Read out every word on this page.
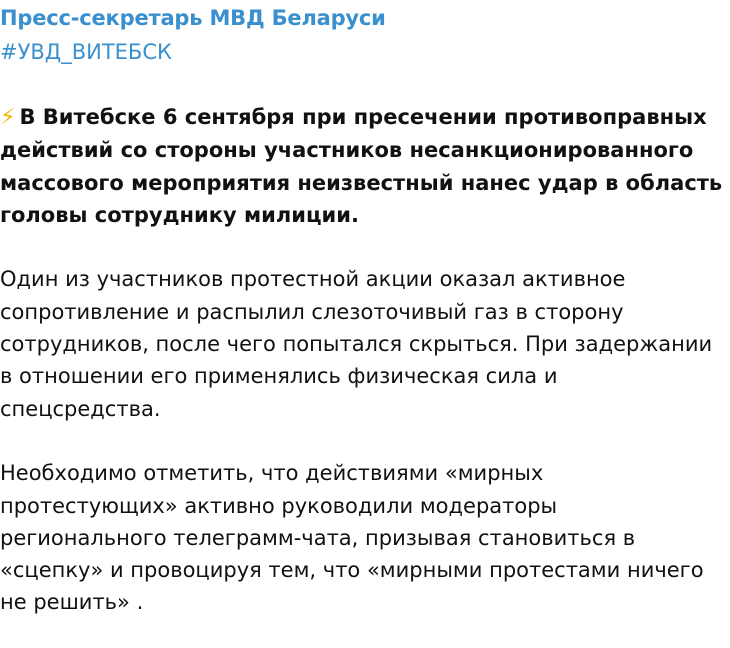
Пресс-секретарь МВД Беларуси
#УВД_ВИТЕБСК
⚡ В Витебске 6 сентября при пресечении противоправных
действий со стороны участников несанкционированного
массового мероприятия неизвестный нанес удар в область
головы сотруднику милиции.
Один из участников протестной акции оказал активное
сопротивление и распылил слезоточивый газ в сторону
сотрудников, после чего попытался скрыться. При задержании
в отношении его применялись физическая сила и
спецсредства.
Необходимо отметить, что действиями «мирных
протестующих» активно руководили модераторы
регионального телеграмм-чата, призывая становиться в
«сцепку» и провоцируя тем, что «мирными протестами ничего
не решить» .
